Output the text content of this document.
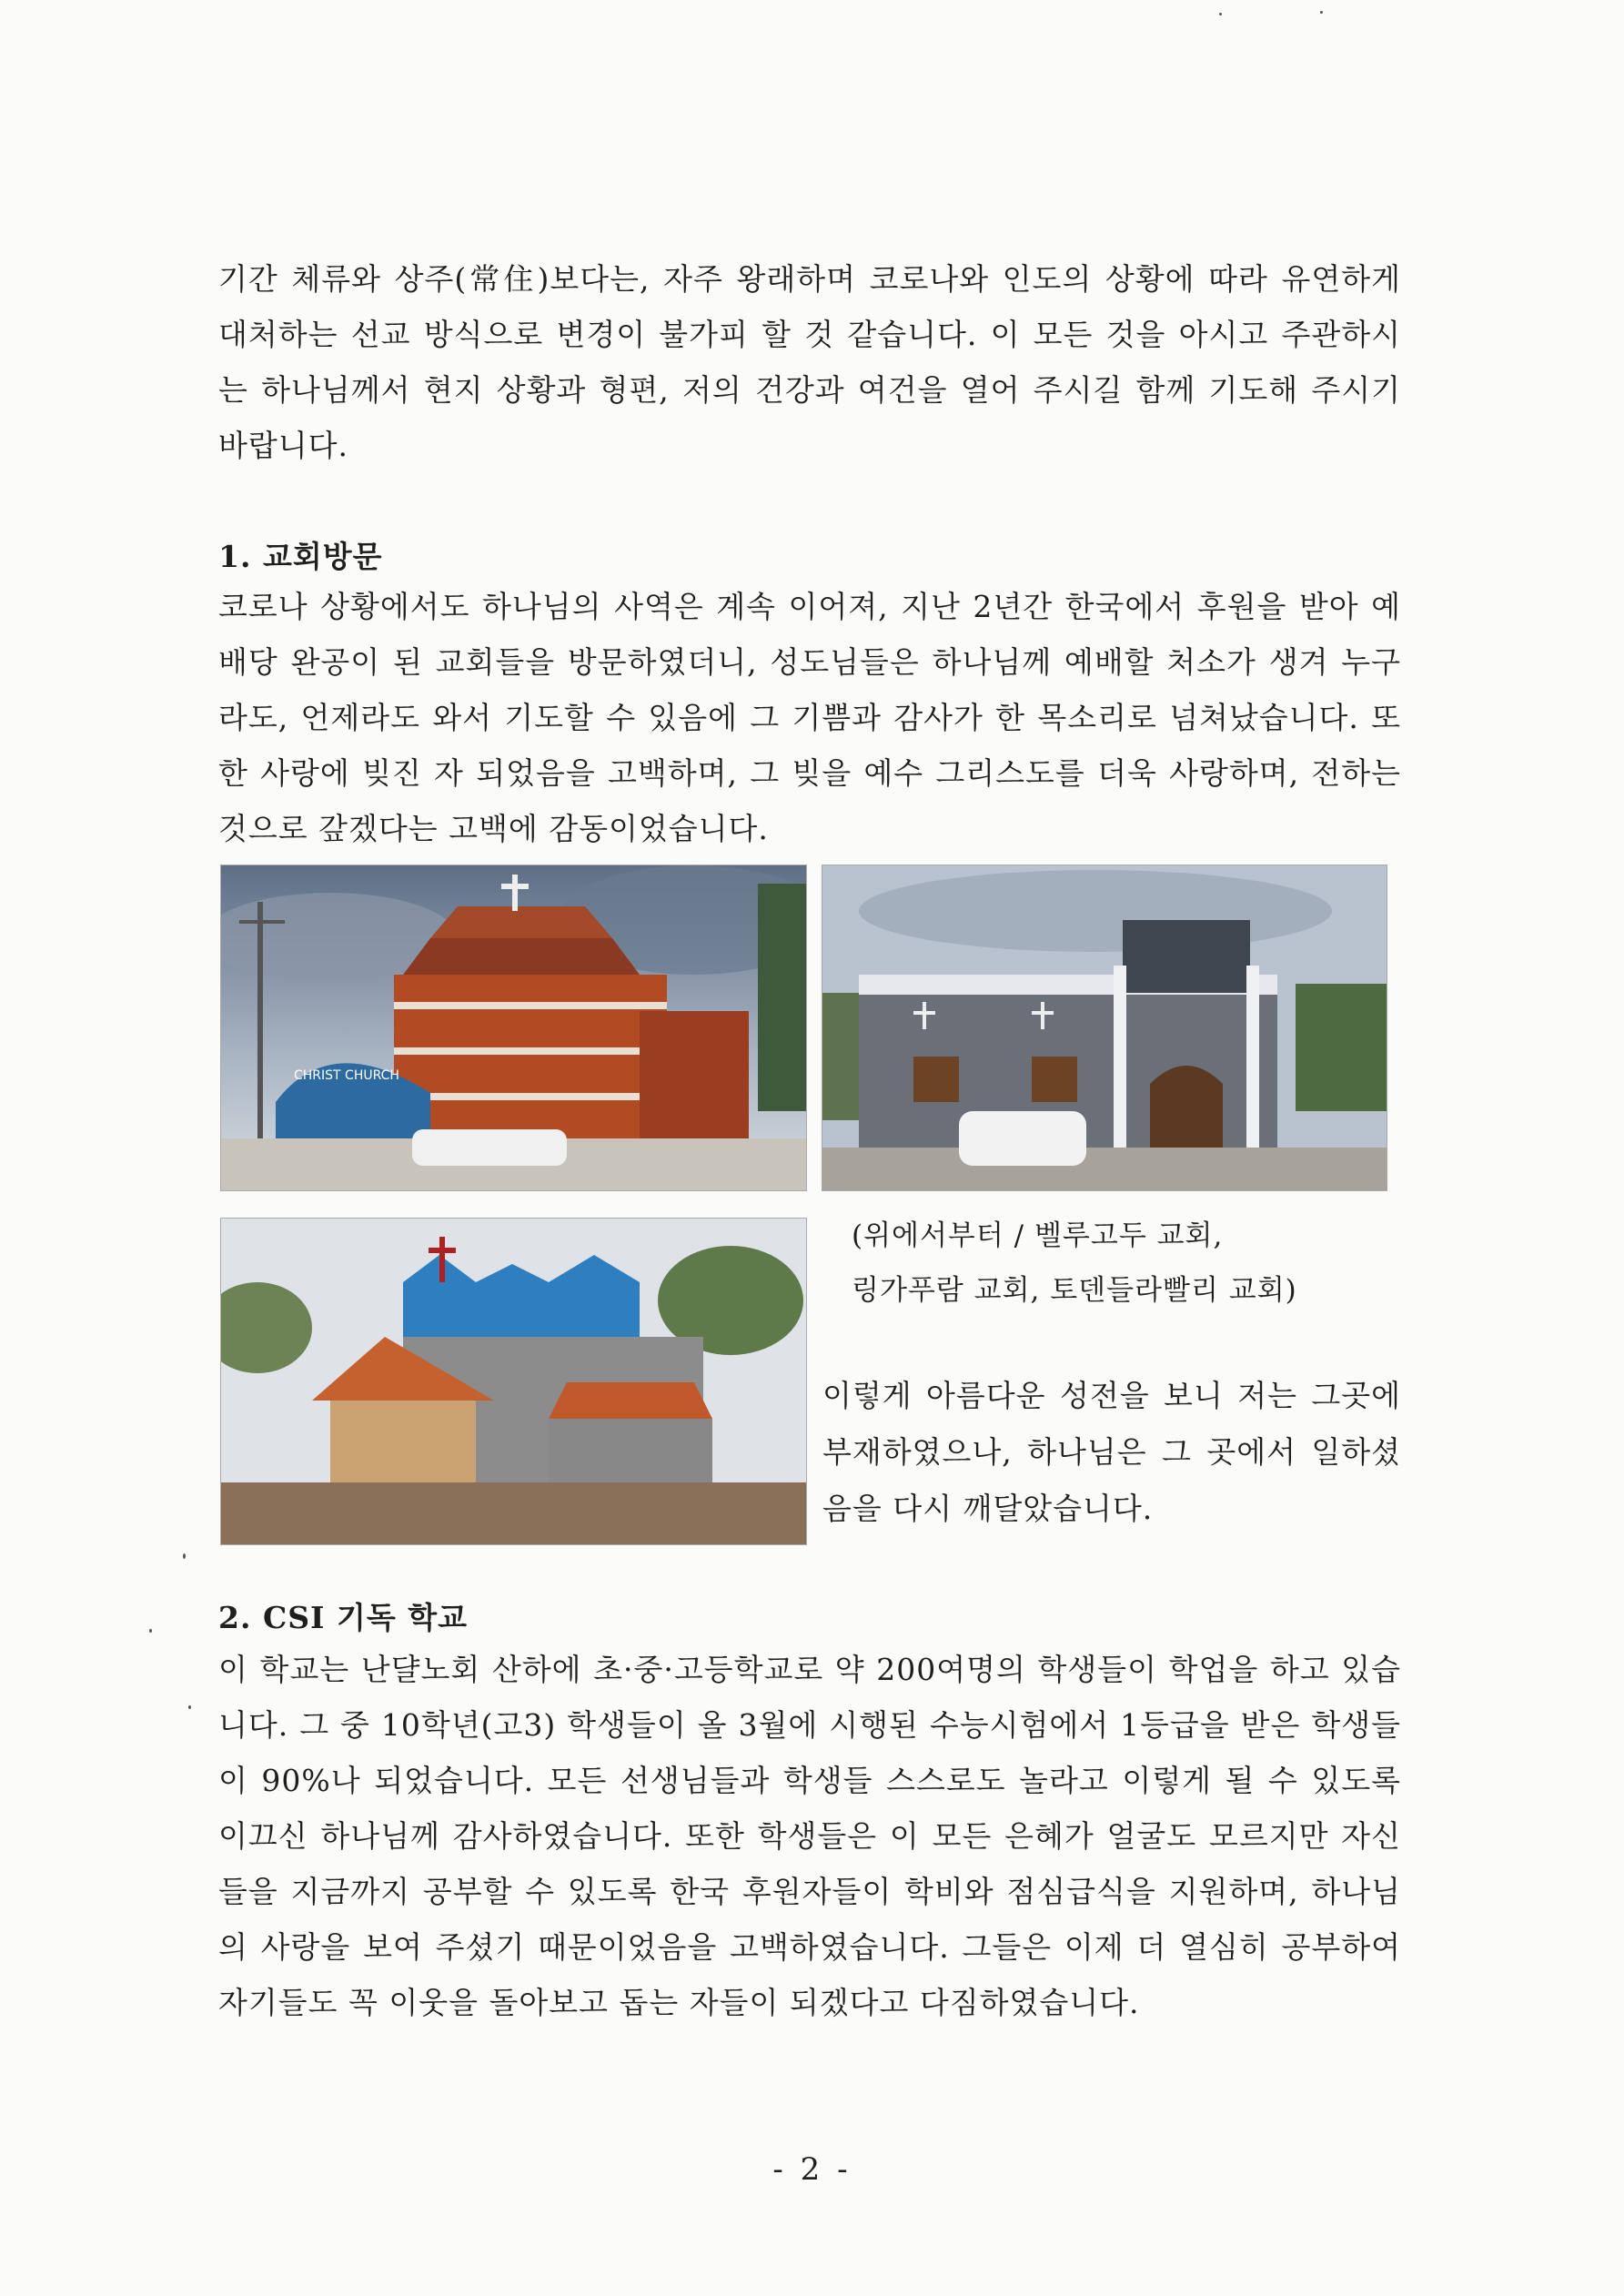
기간 체류와 상주(常住)보다는, 자주 왕래하며 코로나와 인도의 상황에 따라 유연하게 대처하는 선교 방식으로 변경이 불가피 할 것 같습니다. 이 모든 것을 아시고 주관하시는 하나님께서 현지 상황과 형편, 저의 건강과 여건을 열어 주시길 함께 기도해 주시기 바랍니다.

1. 교회방문

코로나 상황에서도 하나님의 사역은 계속 이어져, 지난 2년간 한국에서 후원을 받아 예배당 완공이 된 교회들을 방문하였더니, 성도님들은 하나님께 예배할 처소가 생겨 누구라도, 언제라도 와서 기도할 수 있음에 그 기쁨과 감사가 한 목소리로 넘쳐났습니다. 또한 사랑에 빚진 자 되었음을 고백하며, 그 빚을 예수 그리스도를 더욱 사랑하며, 전하는 것으로 갚겠다는 고백에 감동이었습니다.

CHRIST CHURCH

(위에서부터 / 벨루고두 교회,

링가푸람 교회, 토덴들라빨리 교회)

이렇게 아름다운 성전을 보니 저는 그곳에 부재하였으나, 하나님은 그 곳에서 일하셨음을 다시 깨달았습니다.

2. CSI 기독 학교

이 학교는 난댤노회 산하에 초·중·고등학교로 약 200여명의 학생들이 학업을 하고 있습니다. 그 중 10학년(고3) 학생들이 올 3월에 시행된 수능시험에서 1등급을 받은 학생들이 90%나 되었습니다. 모든 선생님들과 학생들 스스로도 놀라고 이렇게 될 수 있도록 이끄신 하나님께 감사하였습니다. 또한 학생들은 이 모든 은혜가 얼굴도 모르지만 자신들을 지금까지 공부할 수 있도록 한국 후원자들이 학비와 점심급식을 지원하며, 하나님의 사랑을 보여 주셨기 때문이었음을 고백하였습니다. 그들은 이제 더 열심히 공부하여 자기들도 꼭 이웃을 돌아보고 돕는 자들이 되겠다고 다짐하였습니다.

- 2 -
